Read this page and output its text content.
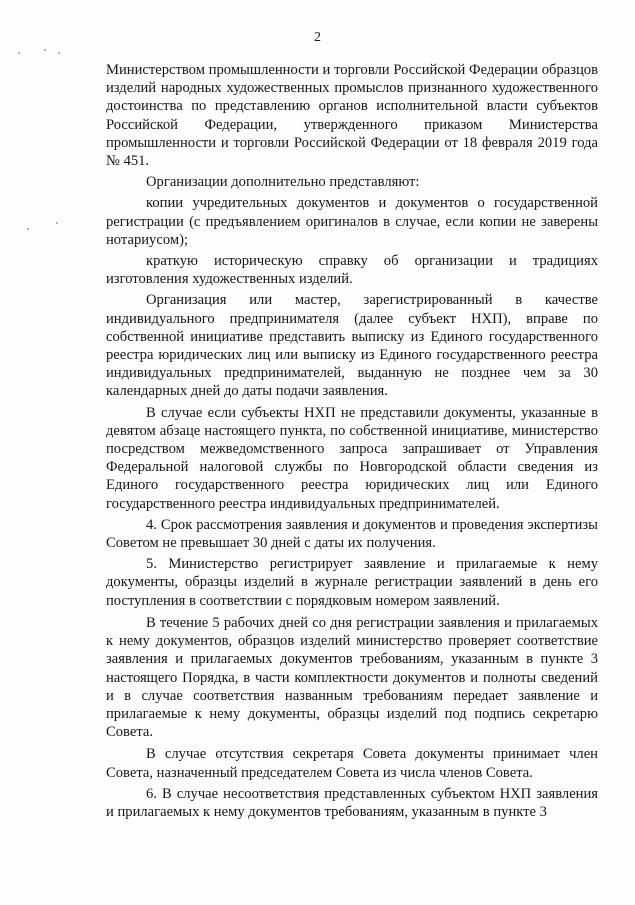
2

Министерством промышленности и торговли Российской Федерации образцов изделий народных художественных промыслов признанного художественного достоинства по представлению органов исполнительной власти субъектов Российской Федерации, утвержденного приказом Министерства промышленности и торговли Российской Федерации от 18 февраля 2019 года № 451.

Организации дополнительно представляют:

копии учредительных документов и документов о государственной регистрации (с предъявлением оригиналов в случае, если копии не заверены нотариусом);

краткую историческую справку об организации и традициях изготовления художественных изделий.

Организация или мастер, зарегистрированный в качестве индивидуального предпринимателя (далее субъект НХП), вправе по собственной инициативе представить выписку из Единого государственного реестра юридических лиц или выписку из Единого государственного реестра индивидуальных предпринимателей, выданную не позднее чем за 30 календарных дней до даты подачи заявления.

В случае если субъекты НХП не представили документы, указанные в девятом абзаце настоящего пункта, по собственной инициативе, министерство посредством межведомственного запроса запрашивает от Управления Федеральной налоговой службы по Новгородской области сведения из Единого государственного реестра юридических лиц или Единого государственного реестра индивидуальных предпринимателей.

4. Срок рассмотрения заявления и документов и проведения экспертизы Советом не превышает 30 дней с даты их получения.

5. Министерство регистрирует заявление и прилагаемые к нему документы, образцы изделий в журнале регистрации заявлений в день его поступления в соответствии с порядковым номером заявлений.

В течение 5 рабочих дней со дня регистрации заявления и прилагаемых к нему документов, образцов изделий министерство проверяет соответствие заявления и прилагаемых документов требованиям, указанным в пункте 3 настоящего Порядка, в части комплектности документов и полноты сведений и в случае соответствия названным требованиям передает заявление и прилагаемые к нему документы, образцы изделий под подпись секретарю Совета.

В случае отсутствия секретаря Совета документы принимает член Совета, назначенный председателем Совета из числа членов Совета.

6. В случае несоответствия представленных субъектом НХП заявления и прилагаемых к нему документов требованиям, указанным в пункте 3
